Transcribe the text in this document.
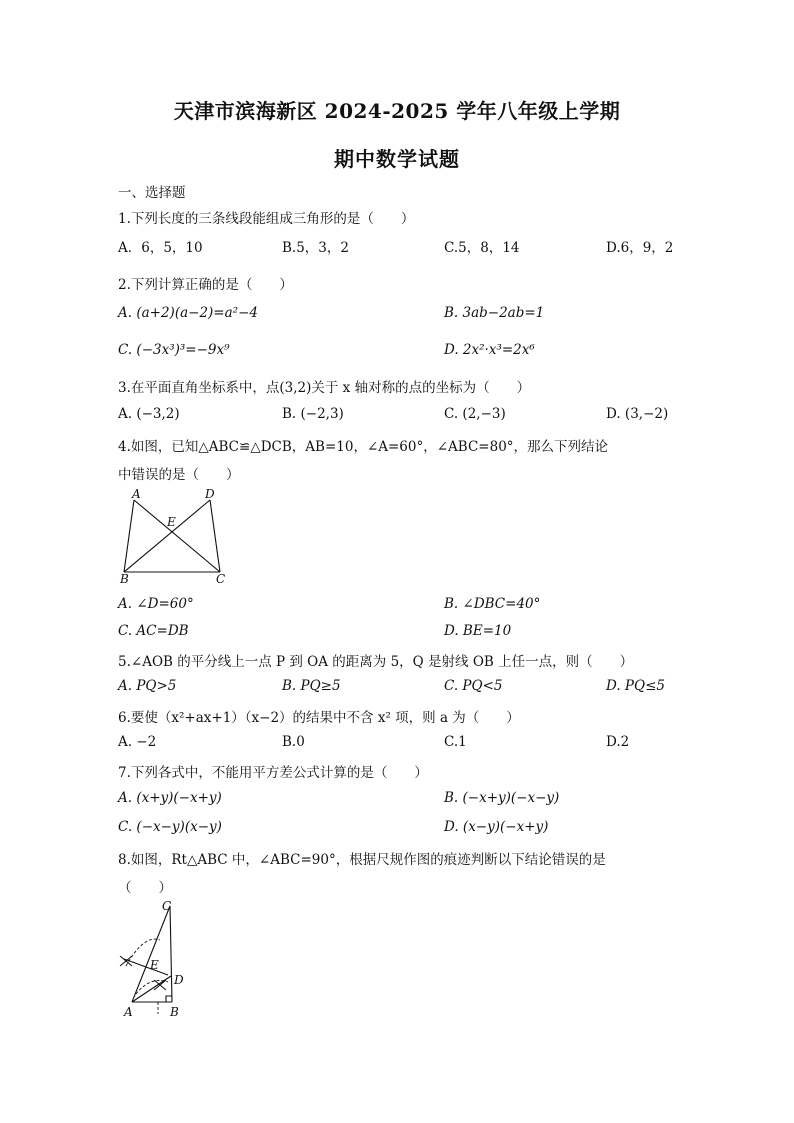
天津市滨海新区 2024-2025 学年八年级上学期
期中数学试题
一、选择题
1.下列长度的三条线段能组成三角形的是（　　）
A．6，5，10	B.5，3，2	C.5，8，14	D.6，9，2
2.下列计算正确的是（　　）
A. (a+2)(a−2)=a²−4	B. 3ab−2ab=1
C. (−3x³)³=−9x⁹	D. 2x²·x³=2x⁶
3.在平面直角坐标系中，点(3,2)关于 x 轴对称的点的坐标为（　　）
A. (−3,2)	B. (−2,3)	C. (2,−3)	D. (3,−2)
4.如图，已知△ABC≌△DCB，AB=10，∠A=60°，∠ABC=80°，那么下列结论
中错误的是（　　）
A	D
E
B	C
A. ∠D=60°	B. ∠DBC=40°
C. AC=DB	D. BE=10
5.∠AOB 的平分线上一点 P 到 OA 的距离为 5，Q 是射线 OB 上任一点，则（　　）
A. PQ>5	B. PQ≥5	C. PQ<5	D. PQ≤5
6.要使（x²+ax+1）（x−2）的结果中不含 x² 项，则 a 为（　　）
A. −2	B.0	C.1	D.2
7.下列各式中，不能用平方差公式计算的是（　　）
A. (x+y)(−x+y)	B. (−x+y)(−x−y)
C. (−x−y)(x−y)	D. (x−y)(−x+y)
8.如图，Rt△ABC 中，∠ABC=90°，根据尺规作图的痕迹判断以下结论错误的是
（　　）
C
E
D
A	B
